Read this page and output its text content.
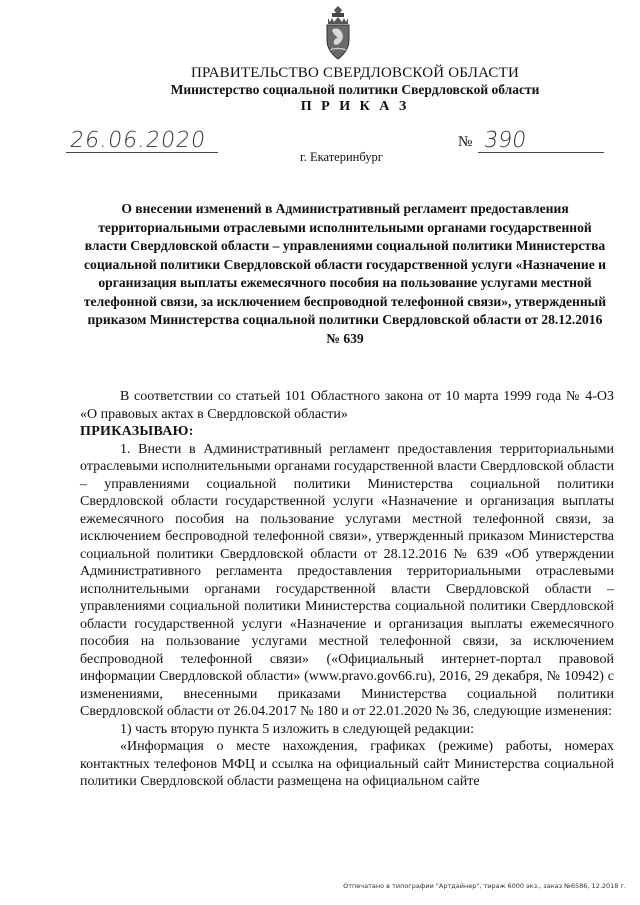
ПРАВИТЕЛЬСТВО СВЕРДЛОВСКОЙ ОБЛАСТИ
Министерство социальной политики Свердловской области
П Р И К А З
26.06.2020	№ 390
г. Екатеринбург
О внесении изменений в Административный регламент предоставления территориальными отраслевыми исполнительными органами государственной власти Свердловской области – управлениями социальной политики Министерства социальной политики Свердловской области государственной услуги «Назначение и организация выплаты ежемесячного пособия на пользование услугами местной телефонной связи, за исключением беспроводной телефонной связи», утвержденный приказом Министерства социальной политики Свердловской области от 28.12.2016 № 639

В соответствии со статьей 101 Областного закона от 10 марта 1999 года № 4-ОЗ «О правовых актах в Свердловской области»

ПРИКАЗЫВАЮ:

1. Внести в Административный регламент предоставления территориальными отраслевыми исполнительными органами государственной власти Свердловской области – управлениями социальной политики Министерства социальной политики Свердловской области государственной услуги «Назначение и организация выплаты ежемесячного пособия на пользование услугами местной телефонной связи, за исключением беспроводной телефонной связи», утвержденный приказом Министерства социальной политики Свердловской области от 28.12.2016 № 639 «Об утверждении Административного регламента предоставления территориальными отраслевыми исполнительными органами государственной власти Свердловской области – управлениями социальной политики Министерства социальной политики Свердловской области государственной услуги «Назначение и организация выплаты ежемесячного пособия на пользование услугами местной телефонной связи, за исключением беспроводной телефонной связи» («Официальный интернет-портал правовой информации Свердловской области» (www.pravo.gov66.ru), 2016, 29 декабря, № 10942) с изменениями, внесенными приказами Министерства социальной политики Свердловской области от 26.04.2017 № 180 и от 22.01.2020 № 36, следующие изменения:

1) часть вторую пункта 5 изложить в следующей редакции:

«Информация о месте нахождения, графиках (режиме) работы, номерах контактных телефонов МФЦ и ссылка на официальный сайт Министерства социальной политики Свердловской области размещена на официальном сайте

Отпечатано в типографии "Артдайнер", тираж 6000 экз., заказ №6586, 12.2018 г.
